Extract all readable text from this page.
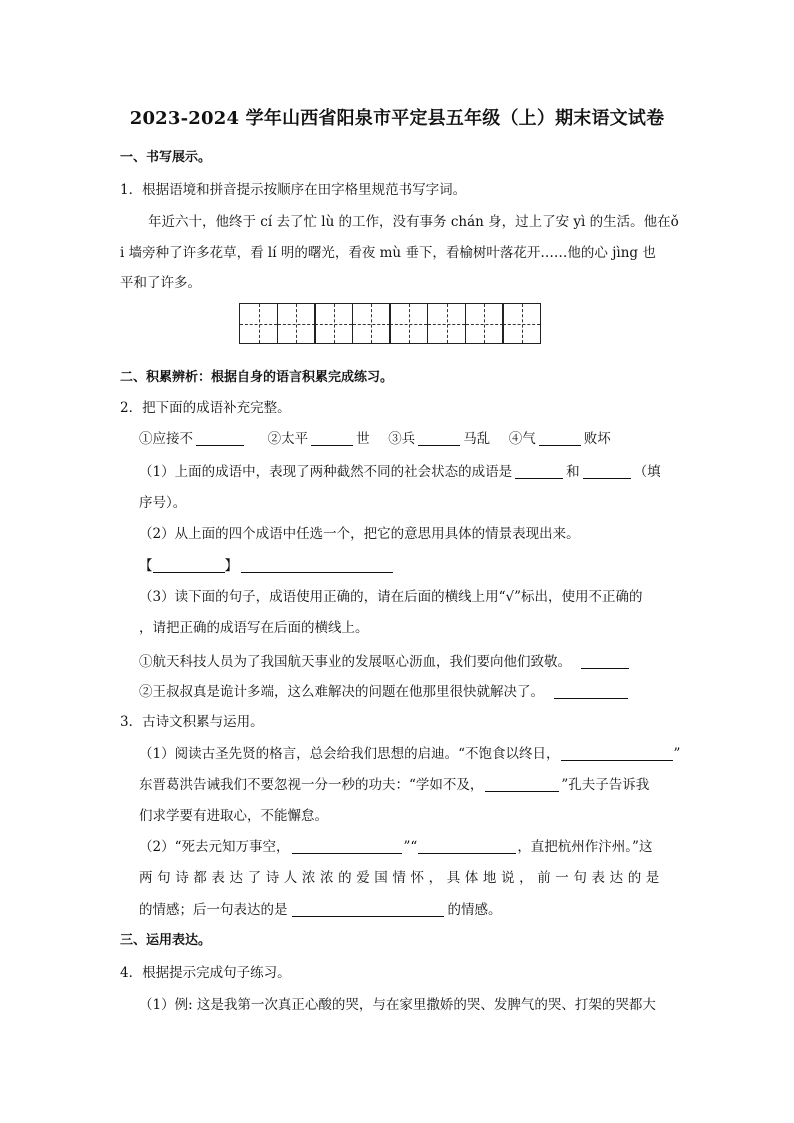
2023-2024 学年山西省阳泉市平定县五年级（上）期末语文试卷
一、书写展示。
1．根据语境和拼音提示按顺序在田字格里规范书写字词。
年近六十，他终于 cí 去了忙 lù 的工作，没有事务 chán 身，过上了安 yì 的生活。他在ǒ
i 墙旁种了许多花草，看 lí 明的曙光，看夜 mù 垂下，看榆树叶落花开……他的心 jìng 也
平和了许多。
二、积累辨析：根据自身的语言积累完成练习。
2．把下面的成语补充完整。
①应接不	②太平	世 ③兵	马乱 ④气	败坏
（1）上面的成语中，表现了两种截然不同的社会状态的成语是	和	（填
序号）。
（2）从上面的四个成语中任选一个，把它的意思用具体的情景表现出来。
【	】
（3）读下面的句子，成语使用正确的，请在后面的横线上用“√”标出，使用不正确的
，请把正确的成语写在后面的横线上。
①航天科技人员为了我国航天事业的发展呕心沥血，我们要向他们致敬。
②王叔叔真是诡计多端，这么难解决的问题在他那里很快就解决了。
3．古诗文积累与运用。
（1）阅读古圣先贤的格言，总会给我们思想的启迪。“不饱食以终日，	”
东晋葛洪告诫我们不要忽视一分一秒的功夫：“学如不及，	”孔夫子告诉我
们求学要有进取心，不能懈怠。
（2）“死去元知万事空，	”“	，直把杭州作汴州。”这
两句诗都表达了诗人浓浓的爱国情怀，具体地说，前一句表达的是
的情感；后一句表达的是	的情感。
三、运用表达。
4．根据提示完成句子练习。
（1）例: 这是我第一次真正心酸的哭，与在家里撒娇的哭、发脾气的哭、打架的哭都大
